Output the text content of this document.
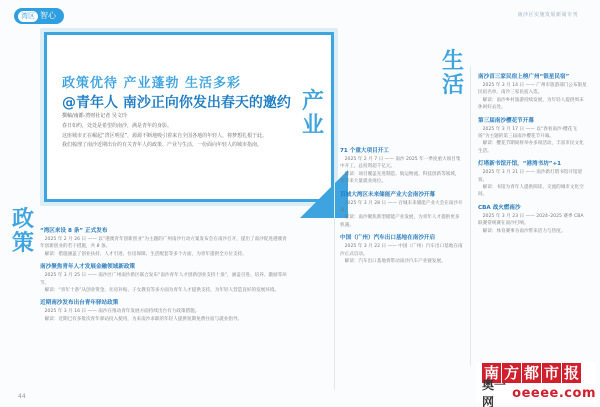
湾区 智心	南沙区实施发展新闻专刊
政策优待 产业蓬勃 生活多彩
@青年人 南沙正向你发出春天的邀约
撰稿/南都·湾财社记者 吴文玲

春日如约，处处是希望的南沙，满是青年的身影。

这座城市正在崛起“湾区明星”，源源不断地吸引着来自全国各地的年轻人，将梦想扎根于此。

我们梳理了南沙近期出台的有关青年人的政策、产业与生活，一份面向年轻人的城市指南。

政策
产业
生活
“湾区来设 8 条” 正式发布
2025 年 2 月 26 日 —— 以“港澳青年创新创业”为主题的广州南沙行动方案发布会在南沙召开，提出了南沙促进港澳青年创新创业的若干措施，共 8 条。
解读：措施涵盖了创业扶持、人才引进、住房保障、生活配套等多个方面，为青年提供全方位支持。
南沙聚焦青年人才发展金融领域新政策
2025 年 3 月 25 日 —— 南沙区广州南沙新区联合发布“南沙青年人才创新创业支持十条”，涵盖引进、培养、激励等环节。
解读：“青年十条”从创业资金、住房补贴、子女教育等多方面为青年人才提供支持，为年轻人营造良好的发展环境。
近期南沙发布出台青年驿站政策
2025 年 3 月 16 日 —— 南沙在推动青年发展方面持续出台有力政策措施。
解读：近期已有多批次青年驿站投入使用，为来南沙求职的年轻人提供短期免费住宿与就业指导。
71 个重大项目开工
2025 年 2 月 7 日 —— 南沙 2025 年一季度重大项目集中开工，总投资超千亿元。
解读：项目覆盖先进制造、航运物流、科技创新等领域，将带来大量就业岗位。
百城大湾区未来储能产业大会南沙开幕
2025 年 3 月 28 日 —— 百城未来储能产业大会在南沙开幕。
解读：南沙聚焦新型储能产业发展，为青年人才提供更多机遇。
中国（广州）汽车出口基地在南沙开启
2025 年 3 月 22 日 —— 中国（广州）汽车出口基地在南沙正式启动。
解读：汽车出口基地将带动南沙汽车产业链发展。
南沙首三家民宿上榜广州“银星民宿”
2025 年 3 月 14 日 —— 广州市旅游部门公布银星民宿名单，南沙三家民宿入选。
解读：南沙乡村旅游持续发展，为年轻人提供周末休闲好去处。
第三届南沙樱花节开幕
2025 年 3 月 17 日 —— 以“春看南沙·樱花飞扬”为主题的第三届南沙樱花节开幕。
解读：樱花节期间将举办多项活动，丰富市民文化生活。
灯塔新书馆开馆，“港湾书坊”+1
2025 年 3 月 21 日 —— 南沙新灯塔书馆开馆迎客。
解读：书馆为青年人提供阅读、交流的城市文化空间。
CBA 战火燃南沙
2025 年 3 月 23 日 —— 2024–2025 赛季 CBA 联赛常规赛在南沙打响。
解读：体育赛事为南沙带来活力与热度。
44
南 方 都 市 报
奥一网
oeeee.com
